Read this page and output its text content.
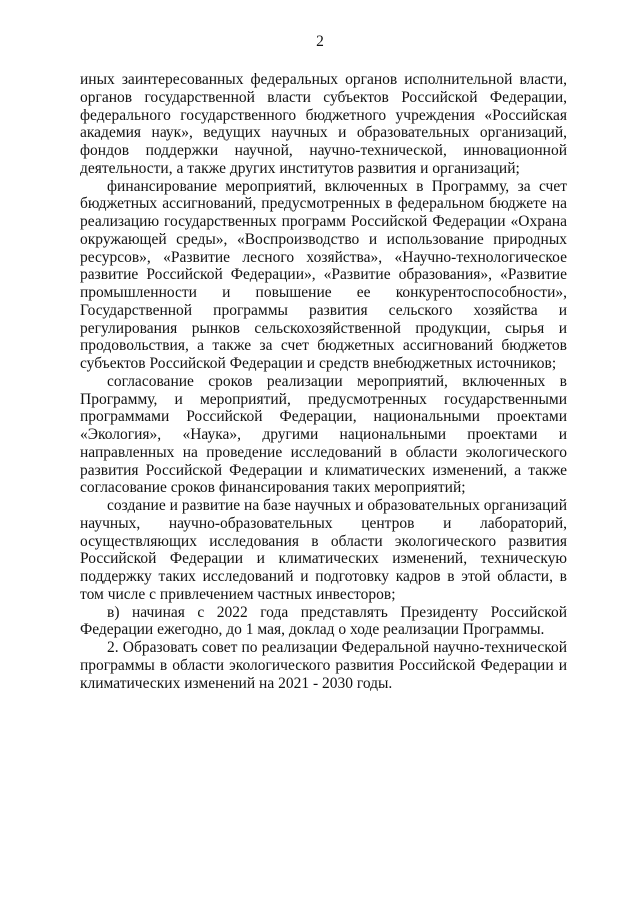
2

иных заинтересованных федеральных органов исполнительной власти, органов государственной власти субъектов Российской Федерации, федерального государственного бюджетного учреждения «Российская академия наук», ведущих научных и образовательных организаций, фондов поддержки научной, научно-технической, инновационной деятельности, а также других институтов развития и организаций;

финансирование мероприятий, включенных в Программу, за счет бюджетных ассигнований, предусмотренных в федеральном бюджете на реализацию государственных программ Российской Федерации «Охрана окружающей среды», «Воспроизводство и использование природных ресурсов», «Развитие лесного хозяйства», «Научно-технологическое развитие Российской Федерации», «Развитие образования», «Развитие промышленности и повышение ее конкурентоспособности», Государственной программы развития сельского хозяйства и регулирования рынков сельскохозяйственной продукции, сырья и продовольствия, а также за счет бюджетных ассигнований бюджетов субъектов Российской Федерации и средств внебюджетных источников;

согласование сроков реализации мероприятий, включенных в Программу, и мероприятий, предусмотренных государственными программами Российской Федерации, национальными проектами «Экология», «Наука», другими национальными проектами и направленных на проведение исследований в области экологического развития Российской Федерации и климатических изменений, а также согласование сроков финансирования таких мероприятий;

создание и развитие на базе научных и образовательных организаций научных, научно-образовательных центров и лабораторий, осуществляющих исследования в области экологического развития Российской Федерации и климатических изменений, техническую поддержку таких исследований и подготовку кадров в этой области, в том числе с привлечением частных инвесторов;

в) начиная с 2022 года представлять Президенту Российской Федерации ежегодно, до 1 мая, доклад о ходе реализации Программы.

2. Образовать совет по реализации Федеральной научно-технической программы в области экологического развития Российской Федерации и климатических изменений на 2021 - 2030 годы.
